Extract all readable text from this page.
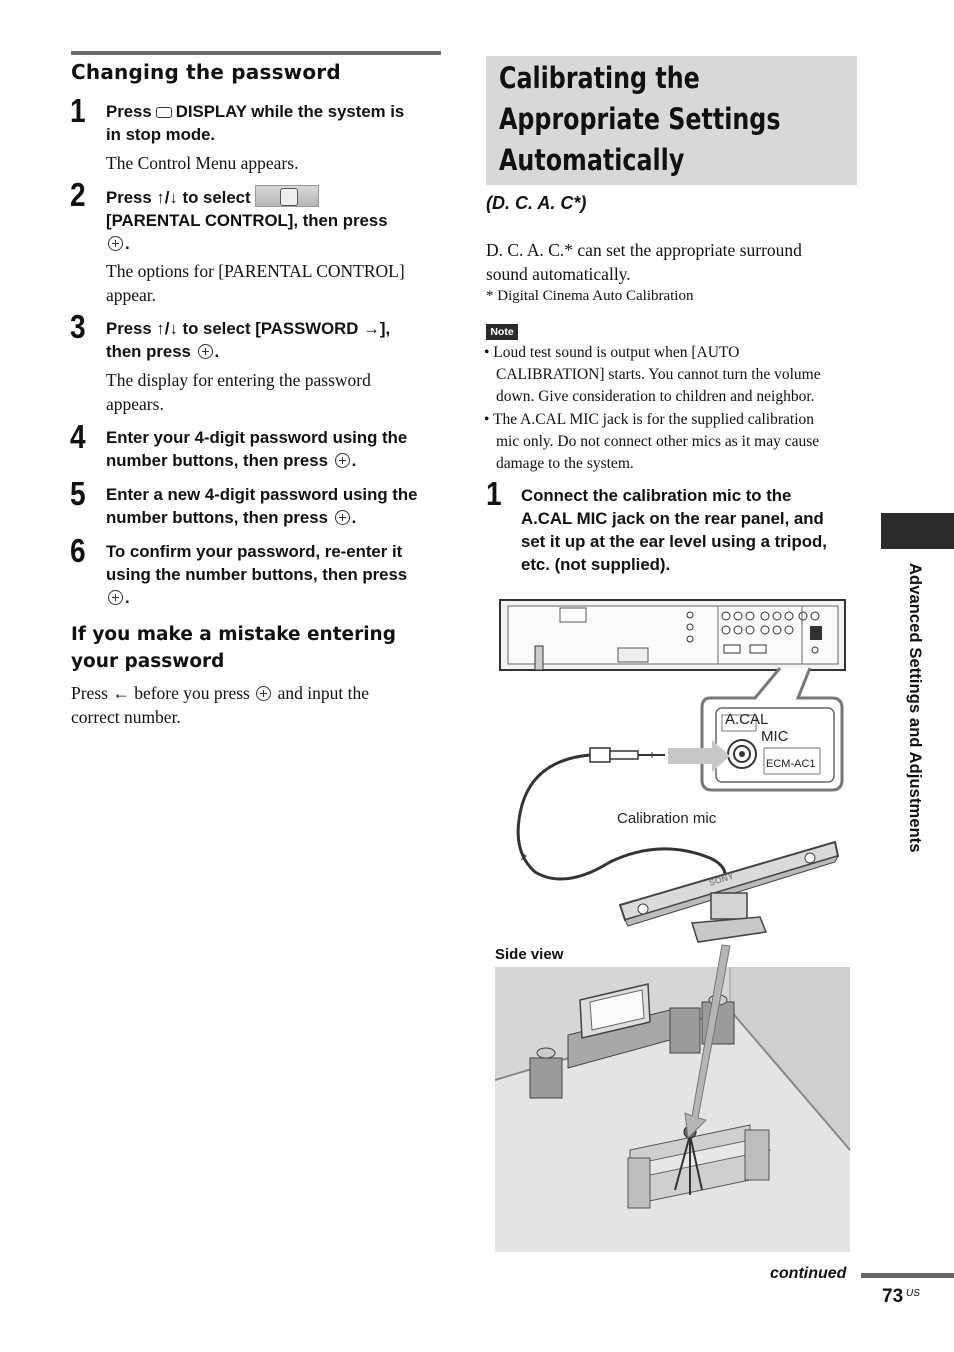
Changing the password
1 Press DISPLAY while the system is
in stop mode.
The Control Menu appears.
2 Press ↑/↓ to select
[PARENTAL CONTROL], then press
.
The options for [PARENTAL CONTROL]
appear.
3 Press ↑/↓ to select [PASSWORD →],
then press .
The display for entering the password
appears.
4 Enter your 4-digit password using the
number buttons, then press .
5 Enter a new 4-digit password using the
number buttons, then press .
6 To confirm your password, re-enter it
using the number buttons, then press
.
If you make a mistake entering
your password
Press ← before you press and input the
correct number.
Calibrating the
Appropriate Settings
Automatically
(D. C. A. C*)
D. C. A. C.* can set the appropriate surround
sound automatically.
* Digital Cinema Auto Calibration
Note
• Loud test sound is output when [AUTO
CALIBRATION] starts. You cannot turn the volume
down. Give consideration to children and neighbor.
• The A.CAL MIC jack is for the supplied calibration
mic only. Do not connect other mics as it may cause
damage to the system.
1 Connect the calibration mic to the
A.CAL MIC jack on the rear panel, and
set it up at the ear level using a tripod,
etc. (not supplied).
A.CAL
MIC
ECM-AC1
Calibration mic
SONY
Side view
Advanced Settings and Adjustments
continued
73 US
